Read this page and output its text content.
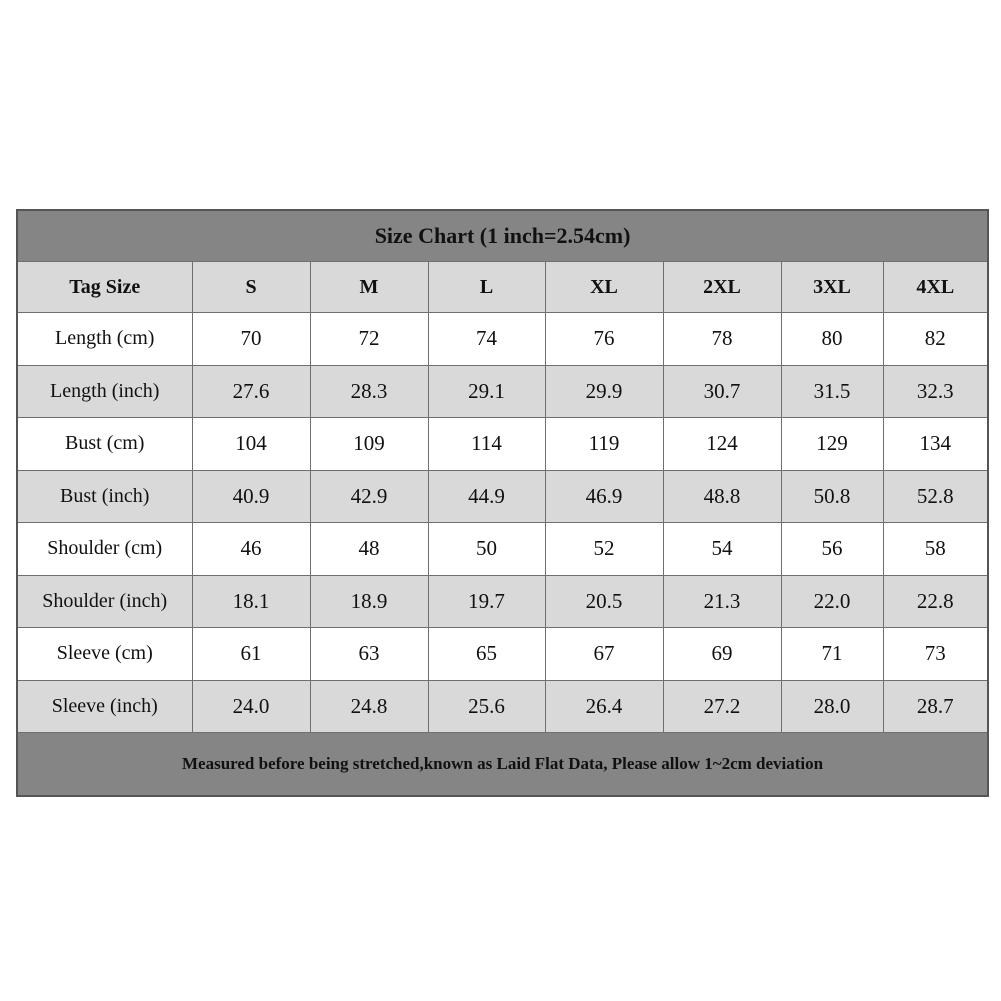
Size Chart (1 inch=2.54cm)							
Tag Size	S	M	L	XL	2XL	3XL	4XL
Length (cm)	70	72	74	76	78	80	82
Length (inch)	27.6	28.3	29.1	29.9	30.7	31.5	32.3
Bust (cm)	104	109	114	119	124	129	134
Bust (inch)	40.9	42.9	44.9	46.9	48.8	50.8	52.8
Shoulder (cm)	46	48	50	52	54	56	58
Shoulder (inch)	18.1	18.9	19.7	20.5	21.3	22.0	22.8
Sleeve (cm)	61	63	65	67	69	71	73
Sleeve (inch)	24.0	24.8	25.6	26.4	27.2	28.0	28.7
Measured before being stretched,known as Laid Flat Data, Please allow 1~2cm deviation							
